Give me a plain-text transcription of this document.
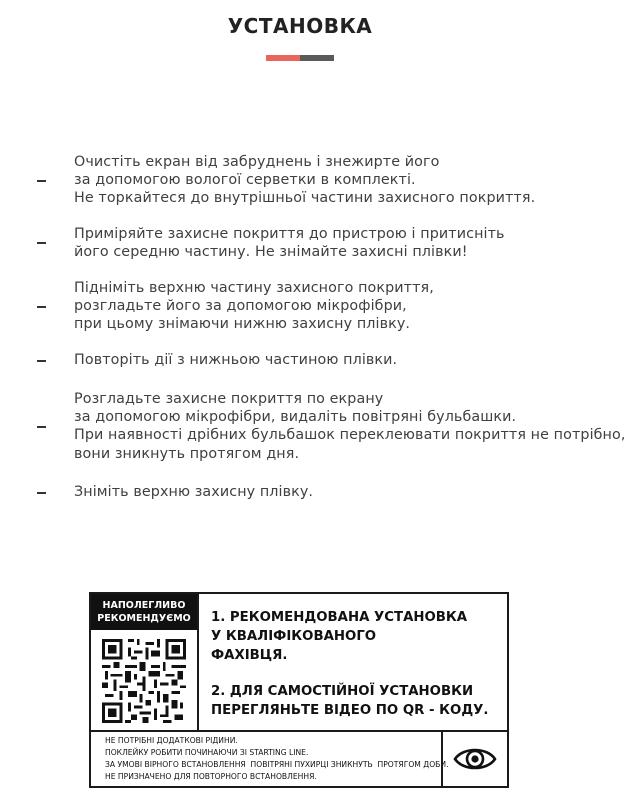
УСТАНОВКА
Очистіть екран від забруднень і знежирте його
за допомогою вологої серветки в комплекті.
Не торкайтеся до внутрішньої частини захисного покриття.
Приміряйте захисне покриття до пристрою і притисніть
його середню частину. Не знімайте захисні плівки!
Підніміть верхню частину захисного покриття,
розгладьте його за допомогою мікрофібри,
при цьому знімаючи нижню захисну плівку.
Повторіть дії з нижньою частиною плівки.
Розгладьте захисне покриття по екрану
за допомогою мікрофібри, видаліть повітряні бульбашки.
При наявності дрібних бульбашок переклеювати покриття не потрібно,
вони зникнуть протягом дня.
Зніміть верхню захисну плівку.
НАПОЛЕГЛИВО
РЕКОМЕНДУЄМО	1. РЕКОМЕНДОВАНА УСТАНОВКА
У КВАЛІФІКОВАНОГО
ФАХІВЦЯ.
2. ДЛЯ САМОСТІЙНОЇ УСТАНОВКИ
ПЕРЕГЛЯНЬТЕ ВІДЕО ПО QR - КОДУ.
НЕ ПОТРІБНІ ДОДАТКОВІ РІДИНИ.
ПОКЛЕЙКУ РОБИТИ ПОЧИНАЮЧИ ЗІ STARTING LINE.
ЗА УМОВІ ВІРНОГО ВСТАНОВЛЕННЯ  ПОВІТРЯНІ ПУХИРЦІ ЗНИКНУТЬ  ПРОТЯГОМ ДОБИ.
НЕ ПРИЗНАЧЕНО ДЛЯ ПОВТОРНОГО ВСТАНОВЛЕННЯ.
